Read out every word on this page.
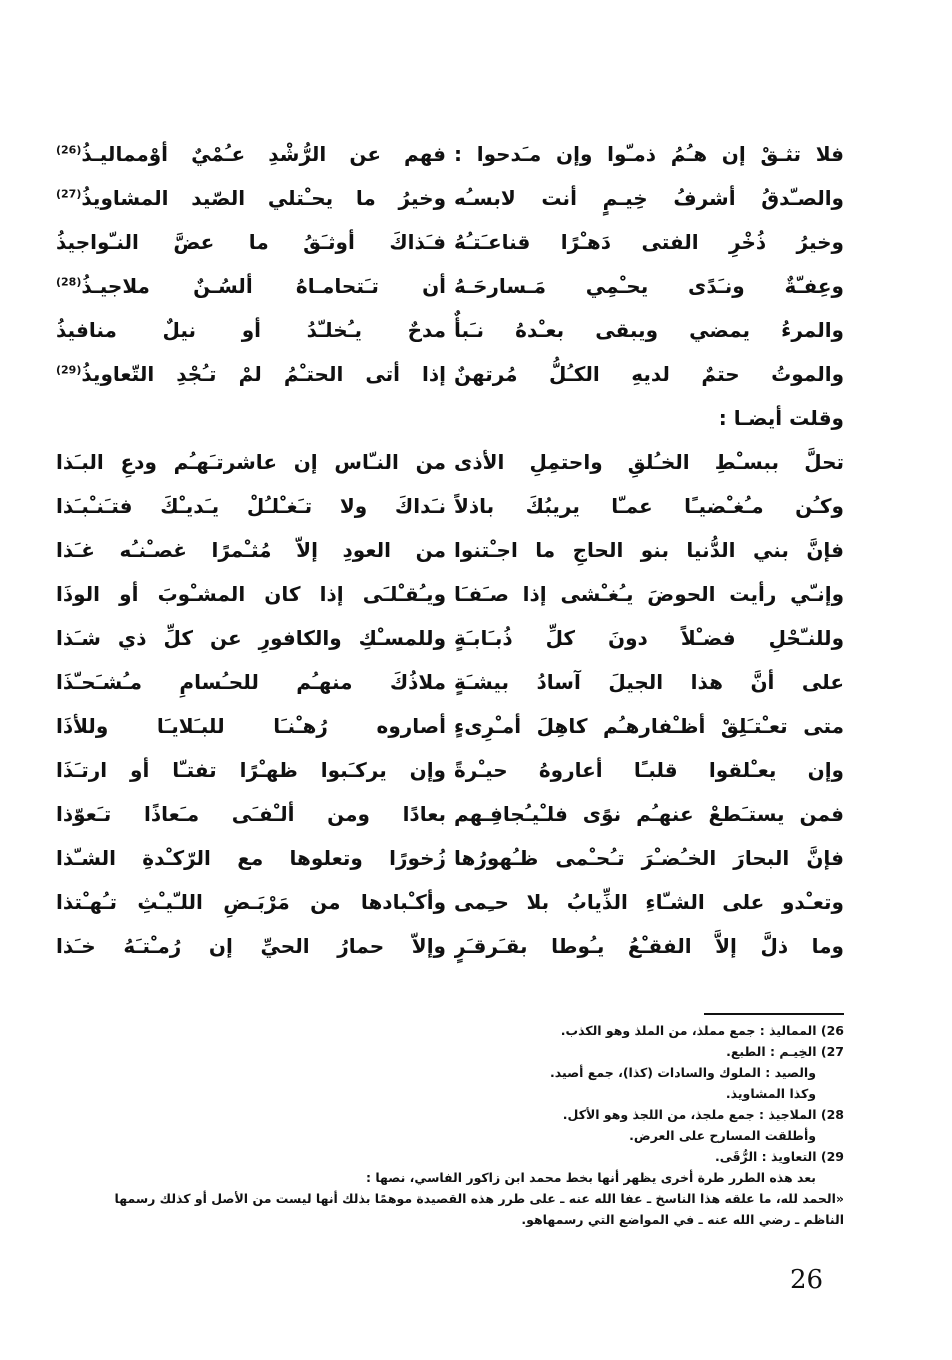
فلا تثـقْ إن هـُمُ ذمـّوا وإن مـَدحوا :
والصـّدقُ أشرفُ خِيـمٍ أنت لابسـُه
وخيرُ ذُخْرِ الفتى دَهـْرًا قناعـَتـُهُ
وعِفـّةٌ ونـَدًى يحـْمِي مَـسارحَـهُ
والمرءُ يمضي ويبقى بعـْدهُ نـَبأٌ
والموتُ حتمٌ لديهِ الكـُلُّ مُرتهنٌ
وقلت أيضـا :
تحلَّ ببسـْطِ الخـُلقِ واحتمِلِ الأذى
وكـُن مـُغـْضيـًا عمـّا يريبُكَ باذلاً
فإنَّ بني الدُّنيا بنو الحاجِ ما اجـْتنوا
وإنـّي رأيت الحوضَ يـُغـْشى إذا صـَفـَا
وللنـّحْلِ فضـْلاً دونَ كلِّ ذُبـَابـَةٍ
على أنَّ هذا الجيلَ آسادُ بيشـَةٍ
متى تعـْتـَلِقْ أظـْفارهـُم كاهِلَ أمـْرِىءٍ
وإن يعـْلقوا قلبـًا أعاروهُ حيـْرةً
فمن يستـَطعْ عنهـُم نوًى فلـْيـُجافِـهم
فإنَّ البحارَ الخـُضـْرَ تـُحـْمى ظـُهورُها
وتعـْدو على الشـّاءِ الذِّيابُ بلا حـِمى
وما ذلَّ إلاَّ الفقـْعُ يـُوطا بقـَرقـَرٍ
فهم عن الرُّشْدِ عـُمْيٌ أوْمماليـذُ$^{(26)}$
وخيرُ ما يحـْتلي الصّيد المشاويذُ$^{(27)}$
فـَذاكَ أوثـَقُ ما عضَّ النـّواجيذُ
أن تـَتحامـاهُ ألسُـنٌ ملاجيـذُ$^{(28)}$
مدحٌ يـُخلـّدُ أو نيلٌ منافيذُ
إذا أتى الحتـْمُ لمْ تـُجْدِ التّعاويذُ$^{(29)}$
من النـّاس إن عاشرتـَهـُم ودعِ البـَذا
نـَداكَ ولا تـَغـْلـُلْ يـَديـْكَ فتـَنـْبـَذا
من العودِ إلاّ مُثـْمرًا غصـْنـُه غـَذا
ويـُقـْلـَى إذا كان المشـْوبَ أو الوذَا
وللمسـْكِ والكافورِ عن كلِّ ذي شـَذا
ملاذُكَ منهـُم للحـُسامِ مـُشـَحـّذَا
أصاروه رُهـْنـَا للبـَلايـَا وللأذَا
وإن يركـَبوا ظهـْرًا تفتـّا أو ارتـَذَا
بعادًا ومن ألـْفـَى مـَعاذًا تـَعوّذا
زُخورًا وتعلوها مع الرّكـْدةِ الشـّذا
وأكـْبادها من مَرْبَـضِ اللـّيـْثِ تـُهـْتذا
وإلاّ حمارُ الحيِّ إن رُمـْتـَهُ خـَذا
26) المماليذ : جمع مملذ، من الملذ وهو الكذب.
27) الخِيـم : الطبع.
والصيد : الملوك والسادات (كذا)، جمع أصيد.
وكذا المشاويذ.
28) الملاجيذ : جمع ملجذ، من اللجذ وهو الأكل.
وأطلقت المسارح على العرض.
29) التعاويذ : الرُّقَى.
بعد هذه الطرر طرة أخرى يظهر أنها بخط محمد ابن زاكور الفاسي، نصها :
«الحمد لله، ما علقه هذا الناسخ ـ عفا الله عنه ـ على طرر هذه القصيدة موهمًا بذلك أنها ليست من الأصل أو كذلك رسمها الناظم ـ رضي الله عنه ـ في المواضع التي رسمهاهو.
26
